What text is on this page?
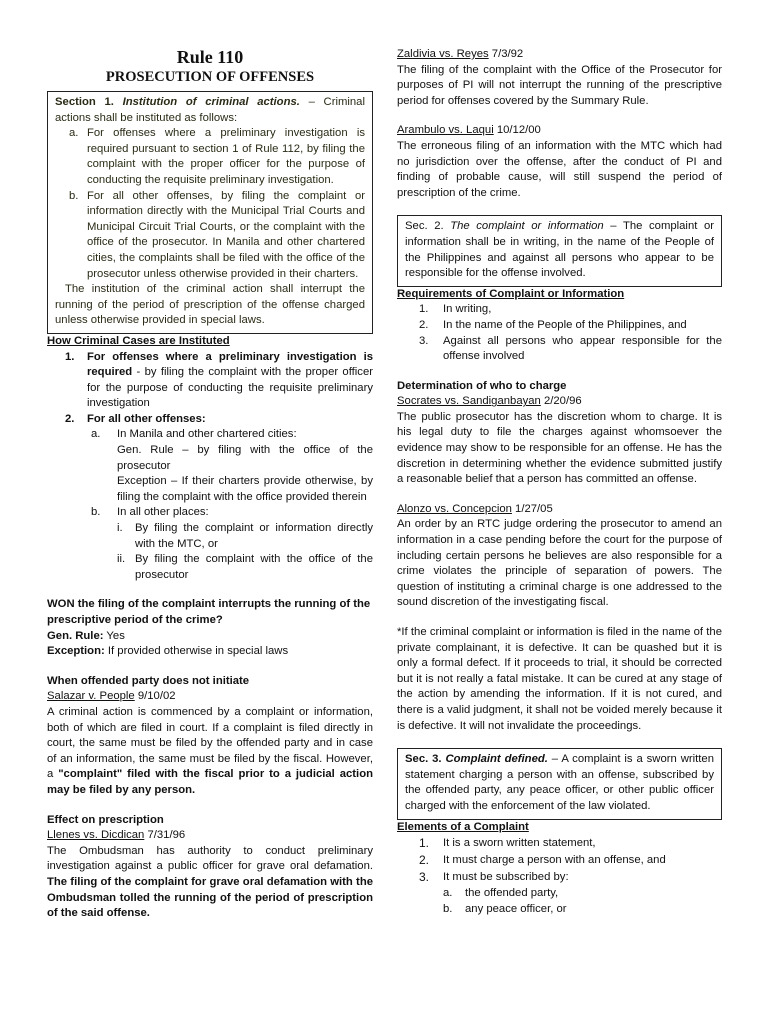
Rule 110
PROSECUTION OF OFFENSES

Section 1. Institution of criminal actions. – Criminal actions shall be instituted as follows:

a. For offenses where a preliminary investigation is required pursuant to section 1 of Rule 112, by filing the complaint with the proper officer for the purpose of conducting the requisite preliminary investigation.
b. For all other offenses, by filing the complaint or information directly with the Municipal Trial Courts and Municipal Circuit Trial Courts, or the complaint with the office of the prosecutor. In Manila and other chartered cities, the complaints shall be filed with the office of the prosecutor unless otherwise provided in their charters.

The institution of the criminal action shall interrupt the running of the period of prescription of the offense charged unless otherwise provided in special laws.

How Criminal Cases are Instituted

1.	For offenses where a preliminary investigation is required - by filing the complaint with the proper officer for the purpose of conducting the requisite preliminary investigation
2.	For all other offenses:
a.	In Manila and other chartered cities:

Gen. Rule – by filing with the office of the prosecutor

Exception – If their charters provide otherwise, by filing the complaint with the office provided therein

b.	In all other places:
i.	By filing the complaint or information directly with the MTC, or
ii. By filing the complaint with the office of the prosecutor

WON the filing of the complaint interrupts the running of the prescriptive period of the crime?

Gen. Rule: Yes

Exception: If provided otherwise in special laws

When offended party does not initiate

Salazar v. People 9/10/02

A criminal action is commenced by a complaint or information, both of which are filed in court. If a complaint is filed directly in court, the same must be filed by the offended party and in case of an information, the same must be filed by the fiscal. However, a "complaint" filed with the fiscal prior to a judicial action may be filed by any person.

Effect on prescription

Llenes vs. Dicdican 7/31/96

The Ombudsman has authority to conduct preliminary investigation against a public officer for grave oral defamation. The filing of the complaint for grave oral defamation with the Ombudsman tolled the running of the period of prescription of the said offense.

Zaldivia vs. Reyes 7/3/92

The filing of the complaint with the Office of the Prosecutor for purposes of PI will not interrupt the running of the prescriptive period for offenses covered by the Summary Rule.

Arambulo vs. Laqui 10/12/00

The erroneous filing of an information with the MTC which had no jurisdiction over the offense, after the conduct of PI and finding of probable cause, will still suspend the period of prescription of the crime.

Sec. 2. The complaint or information – The complaint or information shall be in writing, in the name of the People of the Philippines and against all persons who appear to be responsible for the offense involved.

Requirements of Complaint or Information

1.	In writing,
2.	In the name of the People of the Philippines, and
3.	Against all persons who appear responsible for the offense involved

Determination of who to charge

Socrates vs. Sandiganbayan 2/20/96

The public prosecutor has the discretion whom to charge. It is his legal duty to file the charges against whomsoever the evidence may show to be responsible for an offense. He has the discretion in determining whether the evidence submitted justify a reasonable belief that a person has committed an offense.

Alonzo vs. Concepcion 1/27/05

An order by an RTC judge ordering the prosecutor to amend an information in a case pending before the court for the purpose of including certain persons he believes are also responsible for a crime violates the principle of separation of powers. The question of instituting a criminal charge is one addressed to the sound discretion of the investigating fiscal.

*If the criminal complaint or information is filed in the name of the private complainant, it is defective. It can be quashed but it is only a formal defect. If it proceeds to trial, it should be corrected but it is not really a fatal mistake. It can be cured at any stage of the action by amending the information. If it is not cured, and there is a valid judgment, it shall not be voided merely because it is defective. It will not invalidate the proceedings.

Sec. 3. Complaint defined. – A complaint is a sworn written statement charging a person with an offense, subscribed by the offended party, any peace officer, or other public officer charged with the enforcement of the law violated.

Elements of a Complaint

1.	It is a sworn written statement,
2.	It must charge a person with an offense, and
3.	It must be subscribed by:
a.	the offended party,
b.	any peace officer, or
